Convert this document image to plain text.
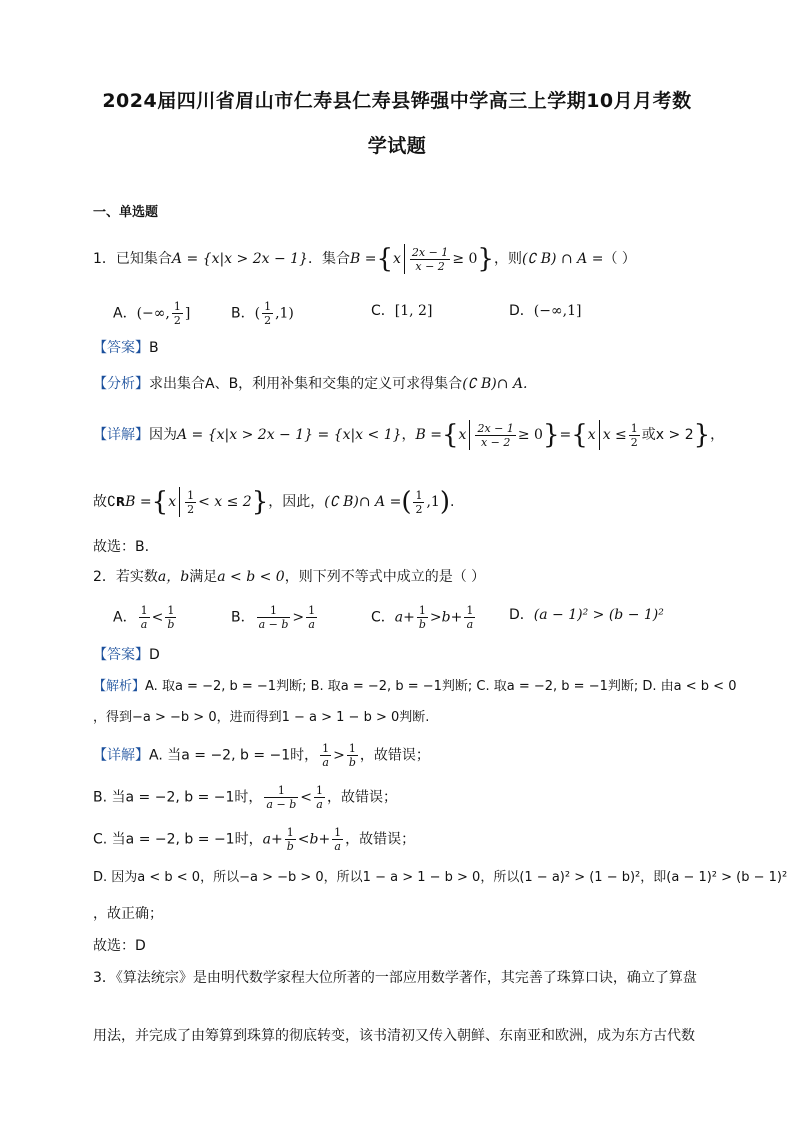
2024届四川省眉山市仁寿县仁寿县铧强中学高三上学期10月月考数
学试题
一、单选题
1．已知集合A = {x|x > 2x − 1}．集合$B =\{x \frac{2x - 1}{x - 2} \ge 0\}$，则(∁ B) ∩ A =（ ）
A．(−∞, $\frac{1}{2}$ ]	B．( $\frac{1}{2} ,1$)	C．[1, 2]	D．(−∞,1]
【答案】B
【分析】求出集合A、B，利用补集和交集的定义可求得集合(∁ B)∩ A.
【详解】因为A = {x|x > 2x − 1} = {x|x < 1}，$B =\{x \frac{2x - 1}{x - 2} \ge 0\}=\{x$ $x \le \frac{1}{2}$ 或x > 2}，
故∁RB $=\{x \frac{1}{2} < x \le 2\}$，因此，(∁ B)∩ A =( $\frac{1}{2} ,1$).
故选：B.
2．若实数a，b满足a < b < 0，则下列不等式中成立的是（ ）
A． $\frac{1}{a} < \frac{1}{b}$	B． $\frac{1}{a - b} > \frac{1}{a}$	C．$a+ \frac{1}{b} >b+ \frac{1}{a}$ D．(a − 1)² > (b − 1)²
【答案】D
【解析】A. 取a = −2, b = −1判断; B. 取a = −2, b = −1判断; C. 取a = −2, b = −1判断; D. 由a < b < 0
，得到−a > −b > 0，进而得到1 − a > 1 − b > 0判断.
【详解】A. 当a = −2, b = −1时， $\frac{1}{a} > \frac{1}{b}$ ，故错误；
B. 当a = −2, b = −1时， $\frac{1}{a - b} < \frac{1}{a}$ ，故错误；
C. 当a = −2, b = −1时，$a+ \frac{1}{b} <b+ \frac{1}{a}$ ，故错误；
D. 因为a < b < 0，所以−a > −b > 0，所以1 − a > 1 − b > 0，所以(1 − a)² > (1 − b)²，即(a − 1)² > (b − 1)²
，故正确；
故选：D
3．《算法统宗》是由明代数学家程大位所著的一部应用数学著作，其完善了珠算口诀，确立了算盘
用法，并完成了由筹算到珠算的彻底转变，该书清初又传入朝鲜、东南亚和欧洲，成为东方古代数
